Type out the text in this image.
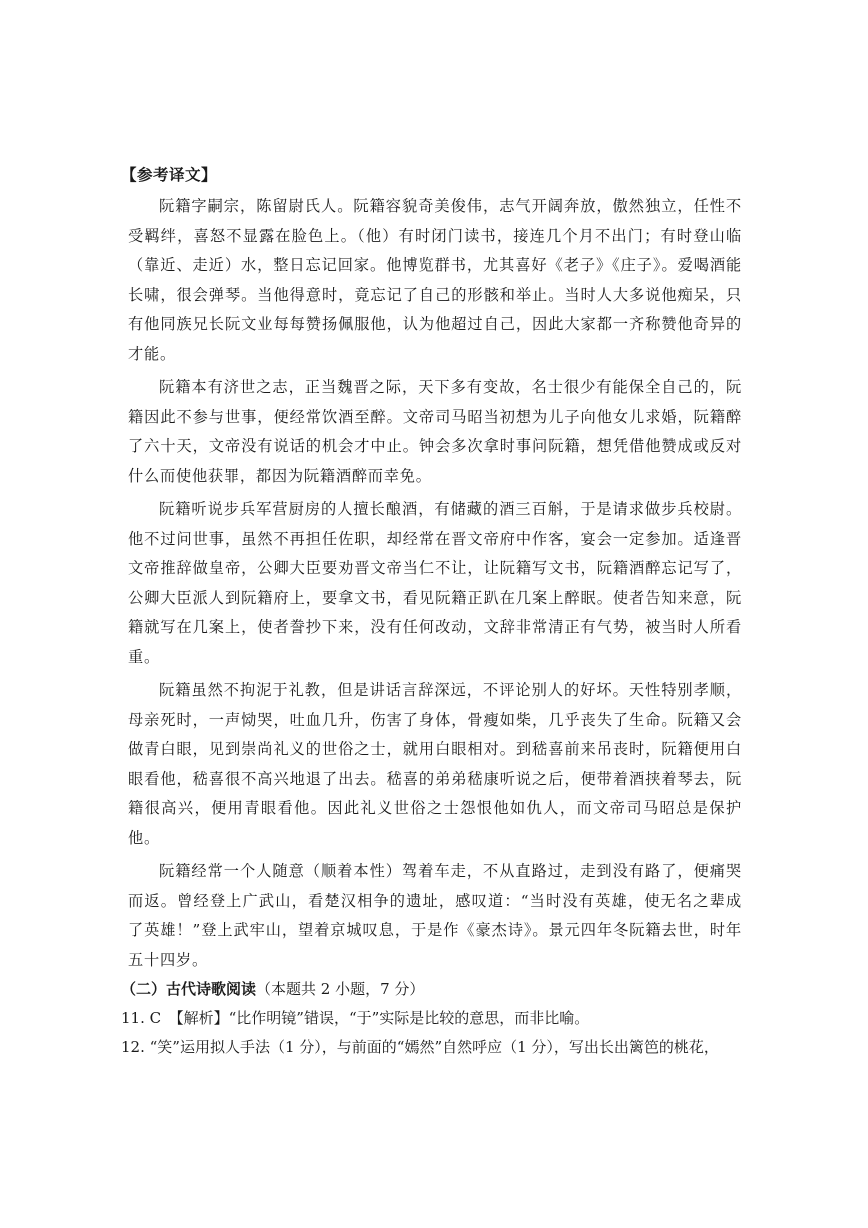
【参考译文】

阮籍字嗣宗，陈留尉氏人。阮籍容貌奇美俊伟，志气开阔奔放，傲然独立，任性不受羁绊，喜怒不显露在脸色上。（他）有时闭门读书，接连几个月不出门；有时登山临（靠近、走近）水，整日忘记回家。他博览群书，尤其喜好《老子》《庄子》。爱喝酒能长啸，很会弹琴。当他得意时，竟忘记了自己的形骸和举止。当时人大多说他痴呆，只有他同族兄长阮文业每每赞扬佩服他，认为他超过自己，因此大家都一齐称赞他奇异的才能。

阮籍本有济世之志，正当魏晋之际，天下多有变故，名士很少有能保全自己的，阮籍因此不参与世事，便经常饮酒至醉。文帝司马昭当初想为儿子向他女儿求婚，阮籍醉了六十天，文帝没有说话的机会才中止。钟会多次拿时事问阮籍，想凭借他赞成或反对什么而使他获罪，都因为阮籍酒醉而幸免。

阮籍听说步兵军营厨房的人擅长酿酒，有储藏的酒三百斛，于是请求做步兵校尉。他不过问世事，虽然不再担任佐职，却经常在晋文帝府中作客，宴会一定参加。适逢晋文帝推辞做皇帝，公卿大臣要劝晋文帝当仁不让，让阮籍写文书，阮籍酒醉忘记写了，公卿大臣派人到阮籍府上，要拿文书，看见阮籍正趴在几案上醉眠。使者告知来意，阮籍就写在几案上，使者誊抄下来，没有任何改动，文辞非常清正有气势，被当时人所看重。

阮籍虽然不拘泥于礼教，但是讲话言辞深远，不评论别人的好坏。天性特别孝顺，母亲死时，一声恸哭，吐血几升，伤害了身体，骨瘦如柴，几乎丧失了生命。阮籍又会做青白眼，见到崇尚礼义的世俗之士，就用白眼相对。到嵇喜前来吊丧时，阮籍便用白眼看他，嵇喜很不高兴地退了出去。嵇喜的弟弟嵇康听说之后，便带着酒挟着琴去，阮籍很高兴，便用青眼看他。因此礼义世俗之士怨恨他如仇人，而文帝司马昭总是保护他。

阮籍经常一个人随意（顺着本性）驾着车走，不从直路过，走到没有路了，便痛哭而返。曾经登上广武山，看楚汉相争的遗址，感叹道：“当时没有英雄，使无名之辈成了英雄！”登上武牢山，望着京城叹息，于是作《豪杰诗》。景元四年冬阮籍去世，时年五十四岁。

（二）古代诗歌阅读（本题共 2 小题，7 分）
11. C　【解析】“比作明镜”错误，“于”实际是比较的意思，而非比喻。
12. “笑”运用拟人手法（1 分），与前面的“嫣然”自然呼应（1 分），写出长出篱笆的桃花，
